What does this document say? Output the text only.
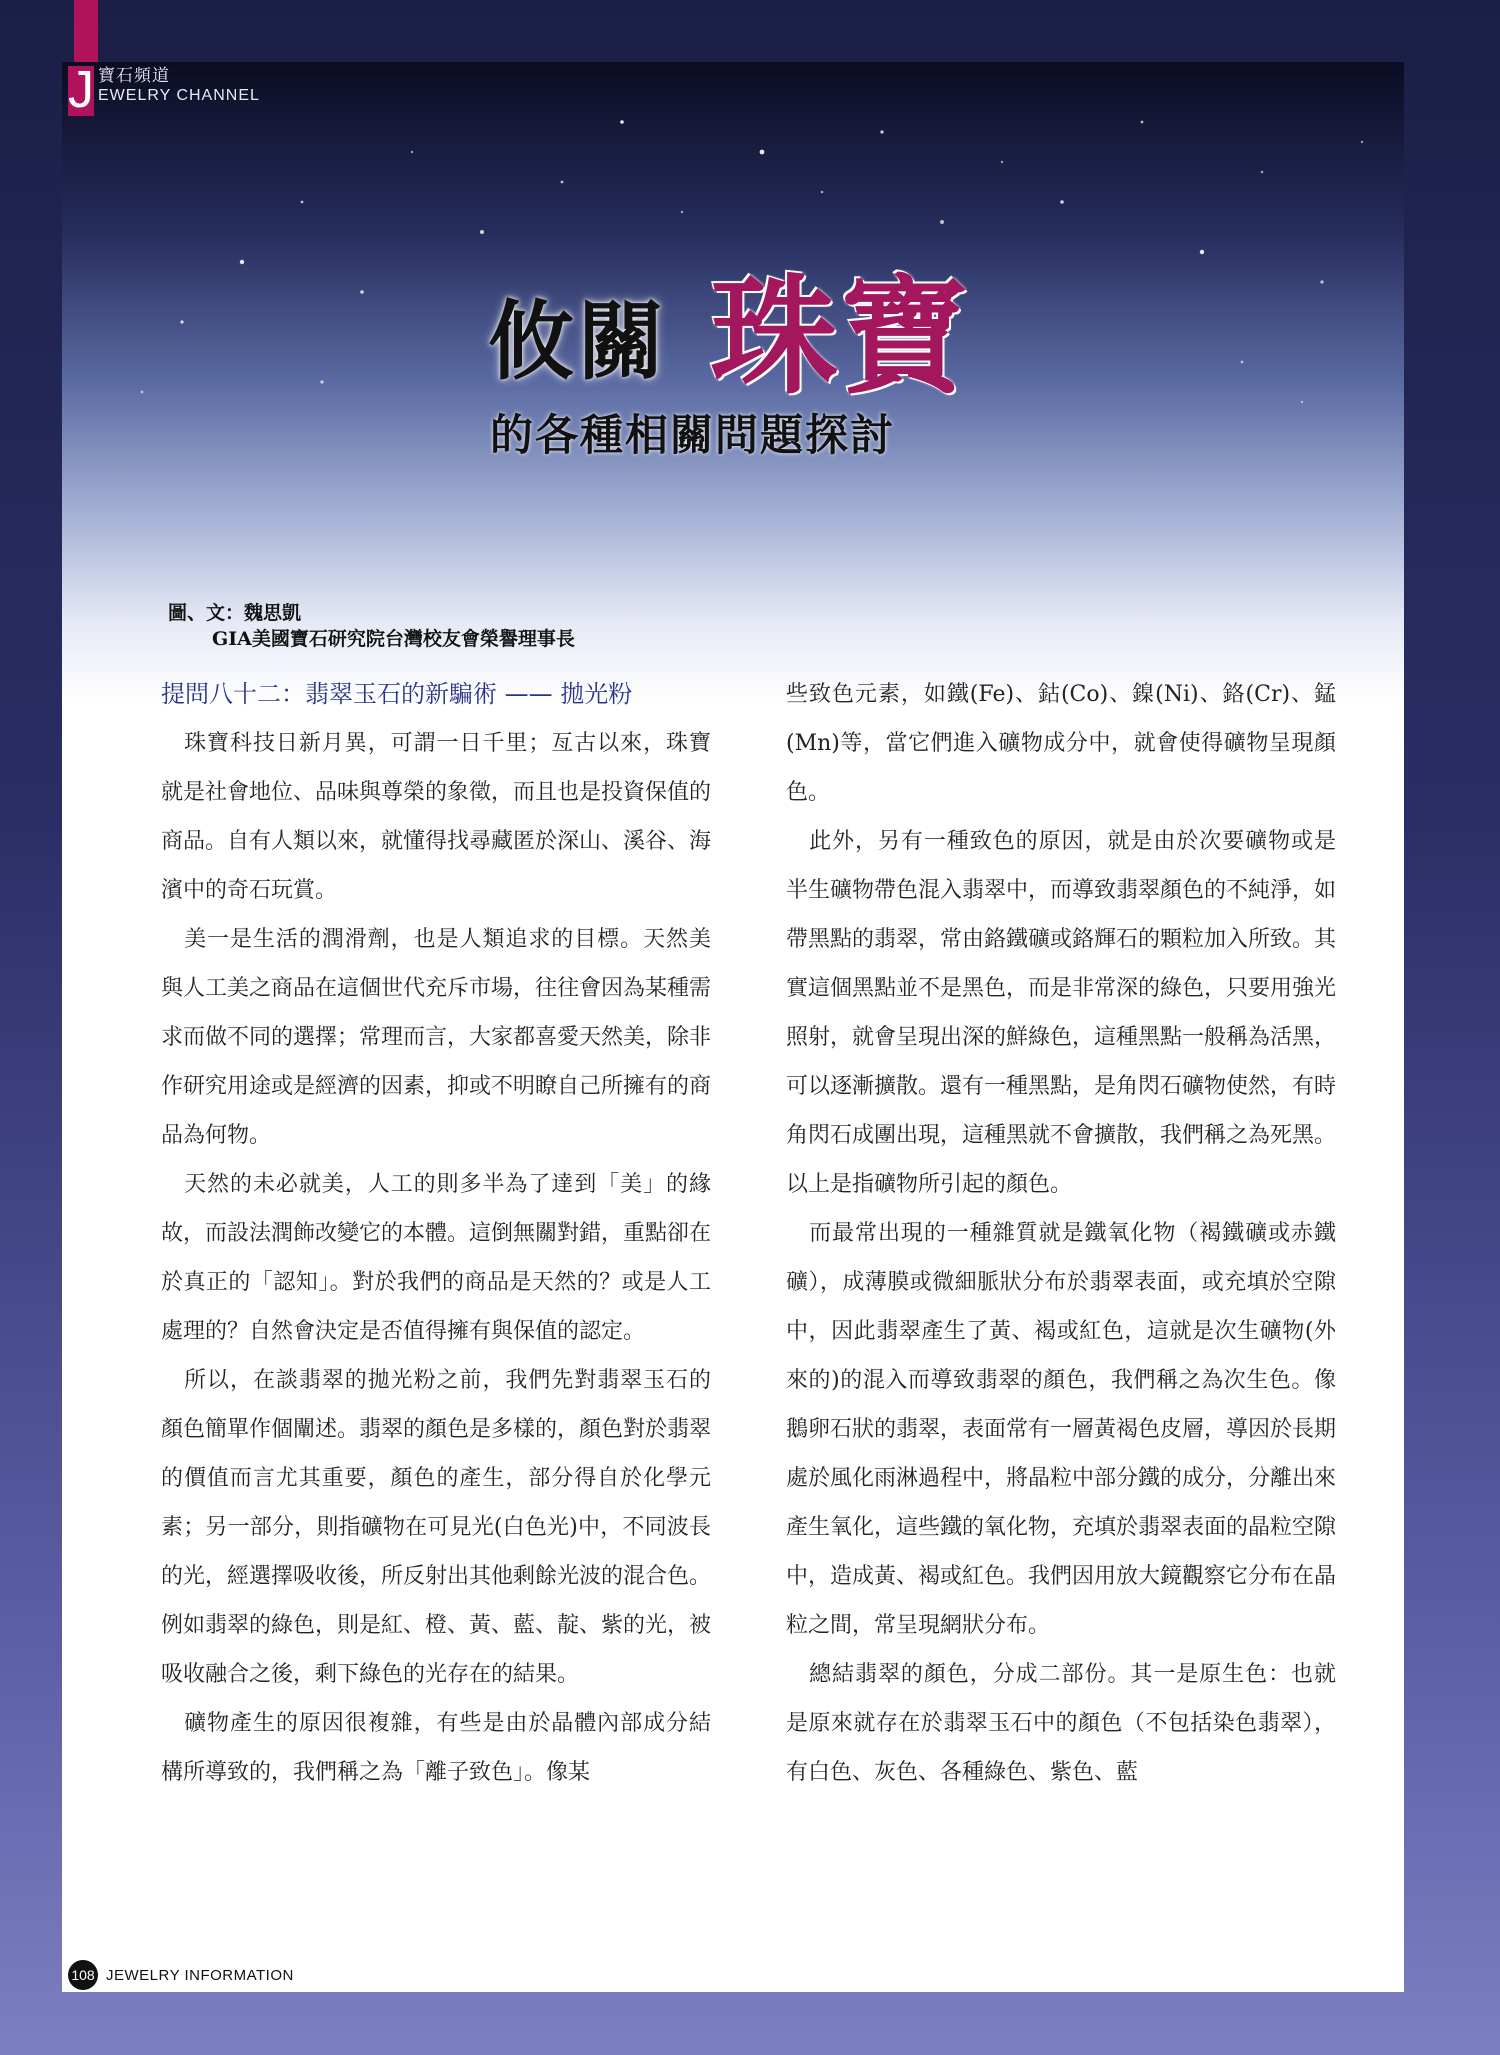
J 寶石頻道
EWELRY CHANNEL
攸關 珠寶
的各種相關問題探討
圖、文：魏思凱
GIA美國寶石研究院台灣校友會榮譽理事長
提問八十二：翡翠玉石的新騙術 —— 拋光粉

珠寶科技日新月異，可謂一日千里；亙古以來，珠寶就是社會地位、品味與尊榮的象徵，而且也是投資保值的商品。自有人類以來，就懂得找尋藏匿於深山、溪谷、海濱中的奇石玩賞。

美一是生活的潤滑劑，也是人類追求的目標。天然美與人工美之商品在這個世代充斥市場，往往會因為某種需求而做不同的選擇；常理而言，大家都喜愛天然美，除非作研究用途或是經濟的因素，抑或不明瞭自己所擁有的商品為何物。

天然的未必就美，人工的則多半為了達到「美」的緣故，而設法潤飾改變它的本體。這倒無關對錯，重點卻在於真正的「認知」。對於我們的商品是天然的？或是人工處理的？自然會決定是否值得擁有與保值的認定。

所以，在談翡翠的拋光粉之前，我們先對翡翠玉石的顏色簡單作個闡述。翡翠的顏色是多樣的，顏色對於翡翠的價值而言尤其重要，顏色的產生，部分得自於化學元素；另一部分，則指礦物在可見光(白色光)中，不同波長的光，經選擇吸收後，所反射出其他剩餘光波的混合色。例如翡翠的綠色，則是紅、橙、黃、藍、靛、紫的光，被吸收融合之後，剩下綠色的光存在的結果。

礦物產生的原因很複雜，有些是由於晶體內部成分結構所導致的，我們稱之為「離子致色」。像某

些致色元素，如鐵(Fe)、鈷(Co)、鎳(Ni)、鉻(Cr)、錳(Mn)等，當它們進入礦物成分中，就會使得礦物呈現顏色。

此外，另有一種致色的原因，就是由於次要礦物或是半生礦物帶色混入翡翠中，而導致翡翠顏色的不純淨，如帶黑點的翡翠，常由鉻鐵礦或鉻輝石的顆粒加入所致。其實這個黑點並不是黑色，而是非常深的綠色，只要用強光照射，就會呈現出深的鮮綠色，這種黑點一般稱為活黑，可以逐漸擴散。還有一種黑點，是角閃石礦物使然，有時角閃石成團出現，這種黑就不會擴散，我們稱之為死黑。以上是指礦物所引起的顏色。

而最常出現的一種雜質就是鐵氧化物（褐鐵礦或赤鐵礦），成薄膜或微細脈狀分布於翡翠表面，或充填於空隙中，因此翡翠產生了黃、褐或紅色，這就是次生礦物(外來的)的混入而導致翡翠的顏色，我們稱之為次生色。像鵝卵石狀的翡翠，表面常有一層黃褐色皮層，導因於長期處於風化雨淋過程中，將晶粒中部分鐵的成分，分離出來產生氧化，這些鐵的氧化物，充填於翡翠表面的晶粒空隙中，造成黃、褐或紅色。我們因用放大鏡觀察它分布在晶粒之間，常呈現網狀分布。

總結翡翠的顏色，分成二部份。其一是原生色：也就是原來就存在於翡翠玉石中的顏色（不包括染色翡翠），有白色、灰色、各種綠色、紫色、藍

108 JEWELRY INFORMATION
